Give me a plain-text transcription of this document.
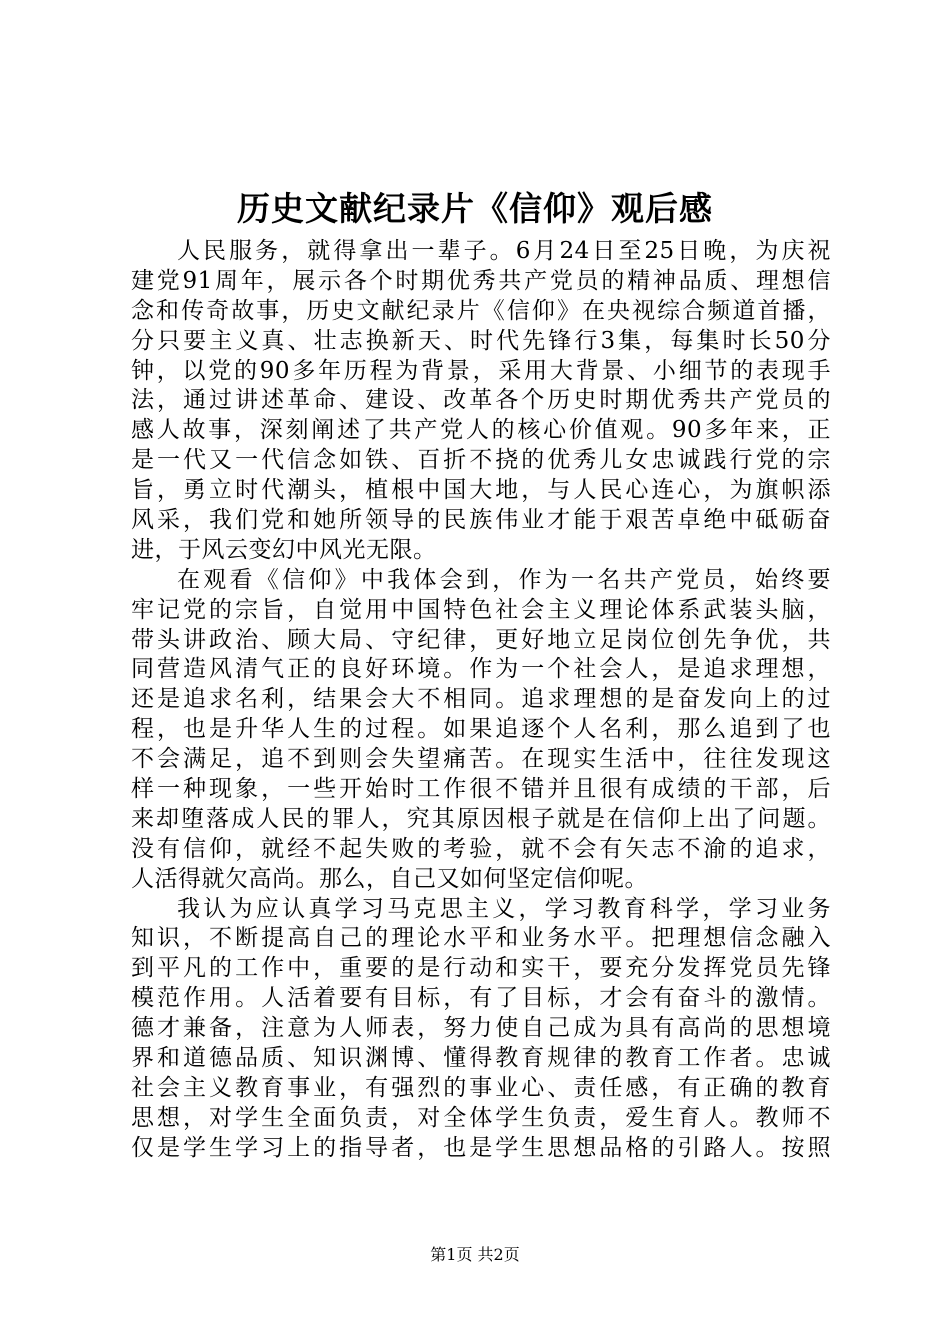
历史文献纪录片《信仰》观后感
人民服务，就得拿出一辈子。6月24日至25日晚，为庆祝
建党91周年，展示各个时期优秀共产党员的精神品质、理想信
念和传奇故事，历史文献纪录片《信仰》在央视综合频道首播，
分只要主义真、壮志换新天、时代先锋行3集，每集时长50分
钟，以党的90多年历程为背景，采用大背景、小细节的表现手
法，通过讲述革命、建设、改革各个历史时期优秀共产党员的
感人故事，深刻阐述了共产党人的核心价值观。90多年来，正
是一代又一代信念如铁、百折不挠的优秀儿女忠诚践行党的宗
旨，勇立时代潮头，植根中国大地，与人民心连心，为旗帜添
风采，我们党和她所领导的民族伟业才能于艰苦卓绝中砥砺奋
进，于风云变幻中风光无限。
在观看《信仰》中我体会到，作为一名共产党员，始终要
牢记党的宗旨，自觉用中国特色社会主义理论体系武装头脑，
带头讲政治、顾大局、守纪律，更好地立足岗位创先争优，共
同营造风清气正的良好环境。作为一个社会人，是追求理想，
还是追求名利，结果会大不相同。追求理想的是奋发向上的过
程，也是升华人生的过程。如果追逐个人名利，那么追到了也
不会满足，追不到则会失望痛苦。在现实生活中，往往发现这
样一种现象，一些开始时工作很不错并且很有成绩的干部，后
来却堕落成人民的罪人，究其原因根子就是在信仰上出了问题。
没有信仰，就经不起失败的考验，就不会有矢志不渝的追求，
人活得就欠高尚。那么，自己又如何坚定信仰呢。
我认为应认真学习马克思主义，学习教育科学，学习业务
知识，不断提高自己的理论水平和业务水平。把理想信念融入
到平凡的工作中，重要的是行动和实干，要充分发挥党员先锋
模范作用。人活着要有目标，有了目标，才会有奋斗的激情。
德才兼备，注意为人师表，努力使自己成为具有高尚的思想境
界和道德品质、知识渊博、懂得教育规律的教育工作者。忠诚
社会主义教育事业，有强烈的事业心、责任感，有正确的教育
思想，对学生全面负责，对全体学生负责，爱生育人。教师不
仅是学生学习上的指导者，也是学生思想品格的引路人。按照
第1页 共2页
